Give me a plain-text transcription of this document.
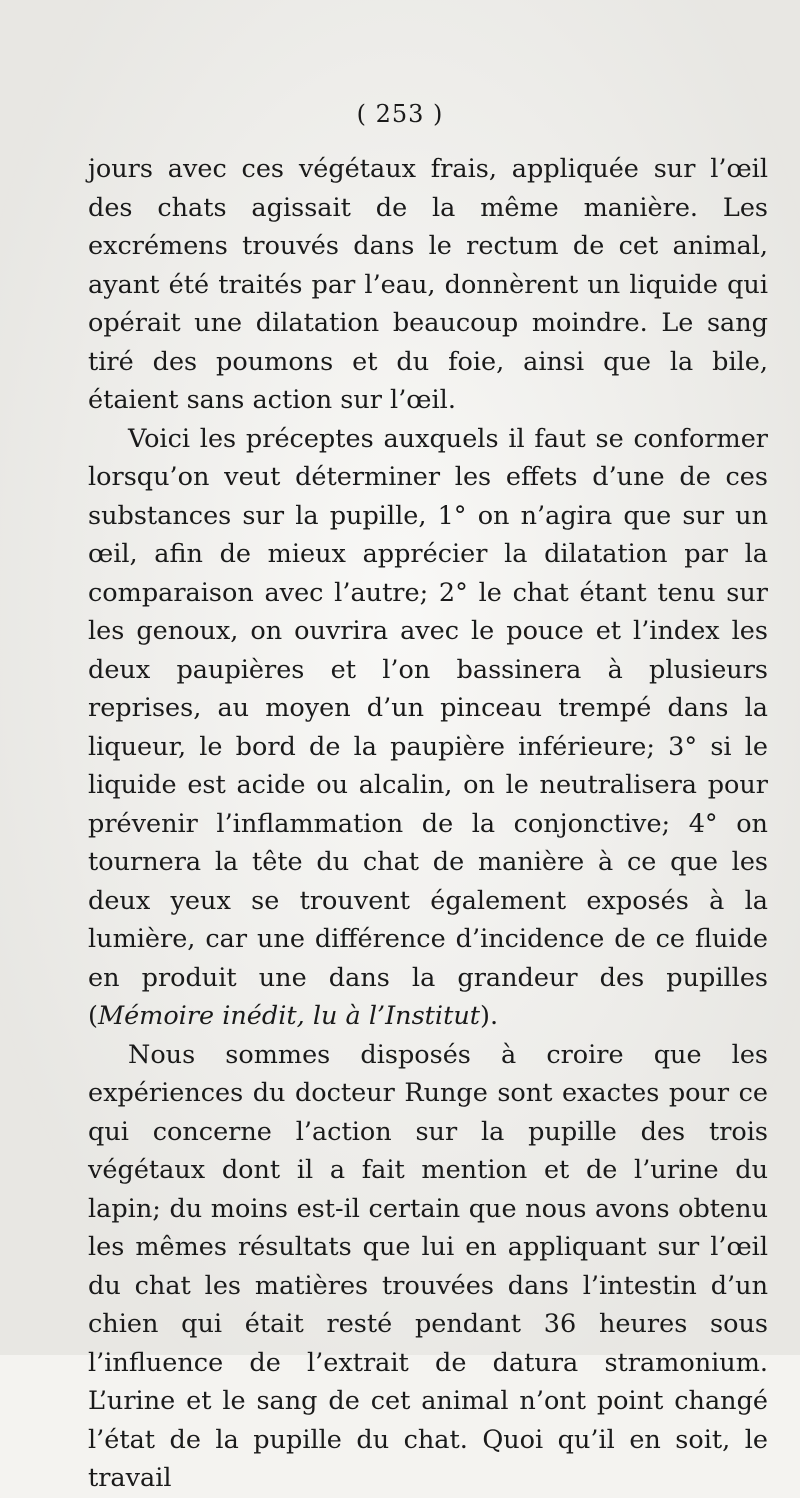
( 253 )

jours avec ces végétaux frais, appliquée sur l’œil des chats agissait de la même manière. Les excrémens trouvés dans le rectum de cet animal, ayant été traités par l’eau, donnèrent un liquide qui opérait une dilatation beaucoup moindre. Le sang tiré des poumons et du foie, ainsi que la bile, étaient sans action sur l’œil.

Voici les préceptes auxquels il faut se conformer lorsqu’on veut déterminer les effets d’une de ces substances sur la pupille, 1° on n’agira que sur un œil, afin de mieux apprécier la dilatation par la comparaison avec l’autre; 2° le chat étant tenu sur les genoux, on ouvrira avec le pouce et l’index les deux paupières et l’on bassinera à plusieurs reprises, au moyen d’un pinceau trempé dans la liqueur, le bord de la paupière inférieure; 3° si le liquide est acide ou alcalin, on le neutralisera pour prévenir l’inflammation de la conjonctive; 4° on tournera la tête du chat de manière à ce que les deux yeux se trouvent également exposés à la lumière, car une différence d’incidence de ce fluide en produit une dans la grandeur des pupilles (Mémoire inédit, lu à l’Institut).

Nous sommes disposés à croire que les expériences du docteur Runge sont exactes pour ce qui concerne l’action sur la pupille des trois végétaux dont il a fait mention et de l’urine du lapin; du moins est-il certain que nous avons obtenu les mêmes résultats que lui en appliquant sur l’œil du chat les matières trouvées dans l’intestin d’un chien qui était resté pendant 36 heures sous l’influence de l’extrait de datura stramonium. L’urine et le sang de cet animal n’ont point changé l’état de la pupille du chat. Quoi qu’il en soit, le travail
